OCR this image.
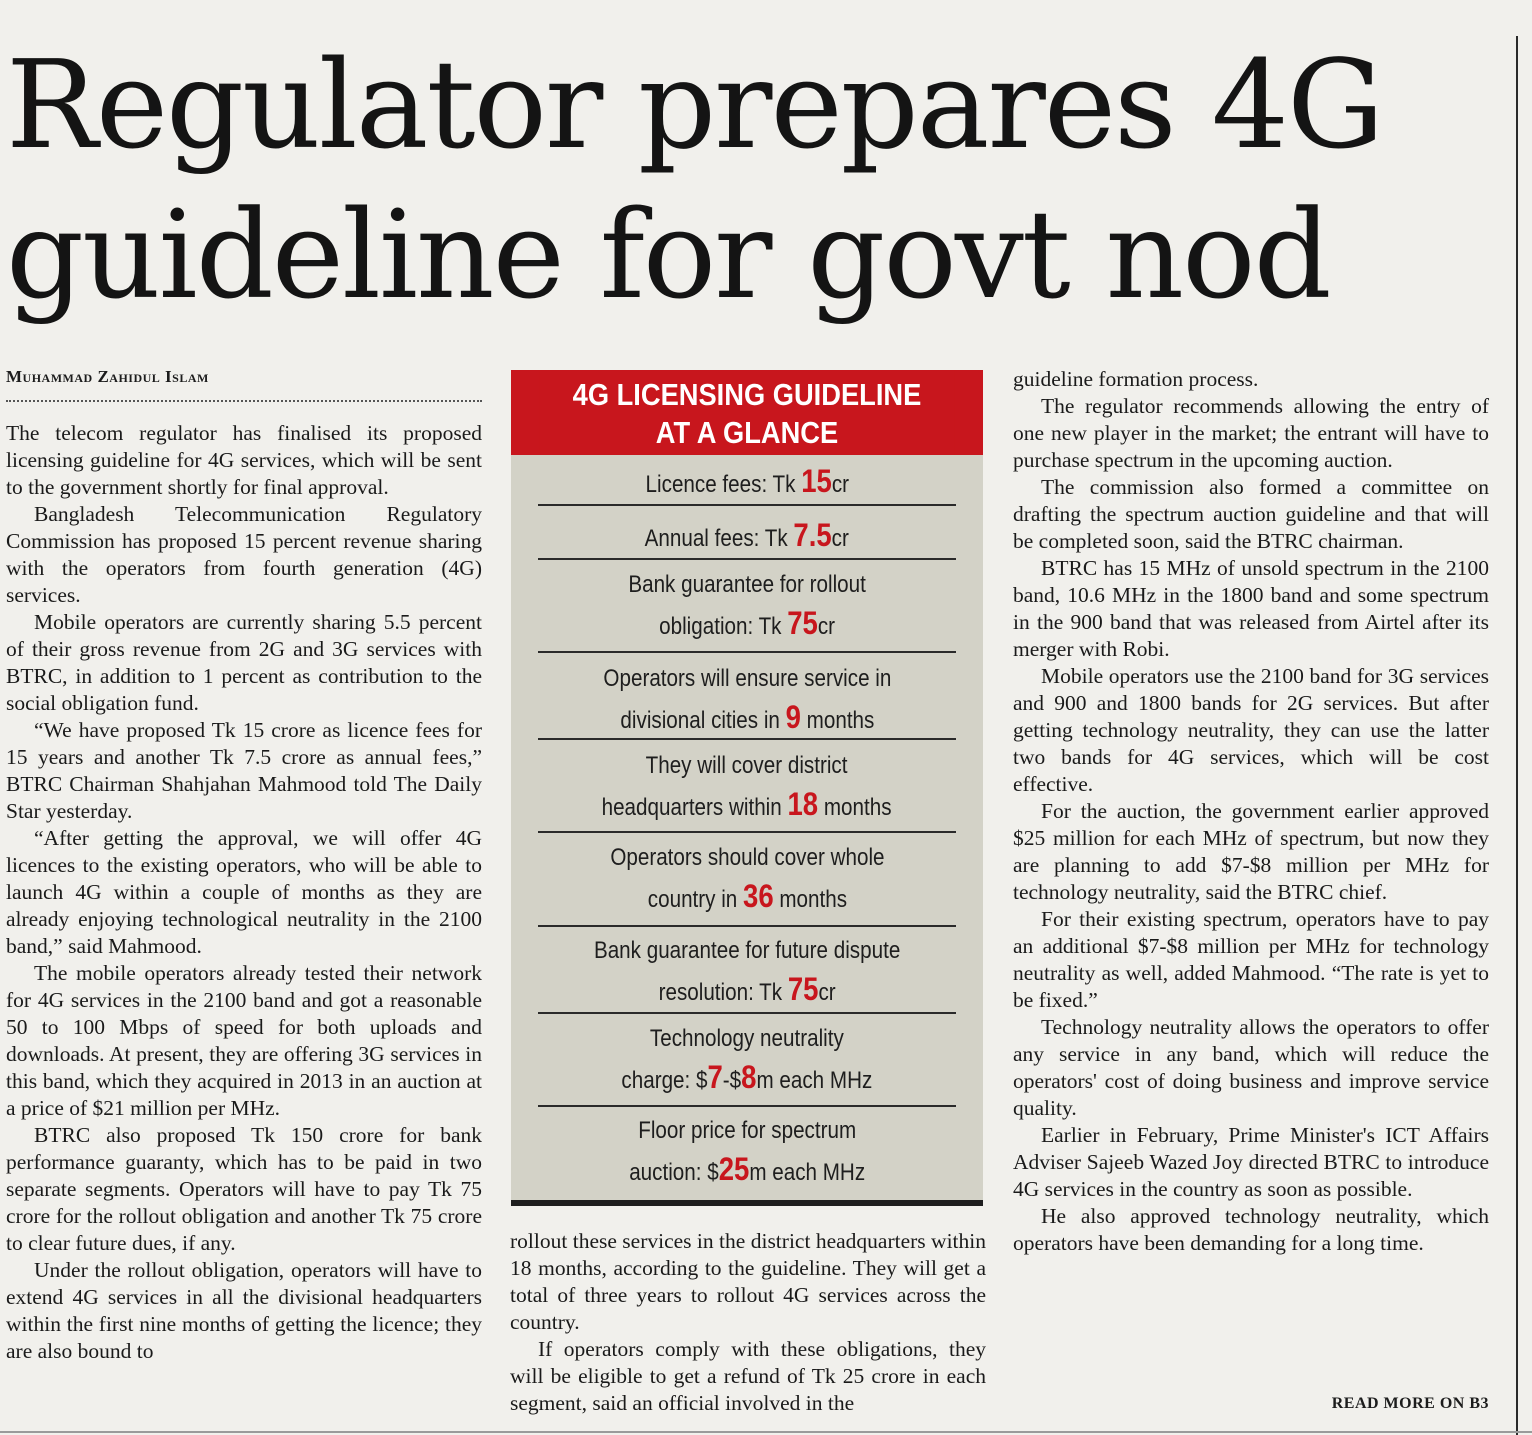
Regulator prepares 4G
guideline for govt nod
Muhammad Zahidul Islam

The telecom regulator has finalised its proposed licensing guideline for 4G services, which will be sent to the government shortly for final approval.

Bangladesh Telecommunication Regulatory Commission has proposed 15 percent revenue sharing with the operators from fourth generation (4G) services.

Mobile operators are currently sharing 5.5 percent of their gross revenue from 2G and 3G services with BTRC, in addition to 1 percent as contribution to the social obligation fund.

“We have proposed Tk 15 crore as licence fees for 15 years and another Tk 7.5 crore as annual fees,” BTRC Chairman Shahjahan Mahmood told The Daily Star yesterday.

“After getting the approval, we will offer 4G licences to the existing operators, who will be able to launch 4G within a couple of months as they are already enjoying technological neutrality in the 2100 band,” said Mahmood.

The mobile operators already tested their network for 4G services in the 2100 band and got a reasonable 50 to 100 Mbps of speed for both uploads and downloads. At present, they are offering 3G services in this band, which they acquired in 2013 in an auction at a price of $21 million per MHz.

BTRC also proposed Tk 150 crore for bank performance guaranty, which has to be paid in two separate segments. Operators will have to pay Tk 75 crore for the rollout obligation and another Tk 75 crore to clear future dues, if any.

Under the rollout obligation, operators will have to extend 4G services in all the divisional headquarters within the first nine months of getting the licence; they are also bound to

4G LICENSING GUIDELINE
AT A GLANCE
Licence fees: Tk 15cr
Annual fees: Tk 7.5cr
Bank guarantee for rollout
obligation: Tk 75cr
Operators will ensure service in
divisional cities in 9 months
They will cover district
headquarters within 18 months
Operators should cover whole
country in 36 months
Bank guarantee for future dispute
resolution: Tk 75cr
Technology neutrality
charge: $7-$8m each MHz
Floor price for spectrum
auction: $25m each MHz

rollout these services in the district headquarters within 18 months, according to the guideline. They will get a total of three years to rollout 4G services across the country.

If operators comply with these obligations, they will be eligible to get a refund of Tk 25 crore in each segment, said an official involved in the

guideline formation process.

The regulator recommends allowing the entry of one new player in the market; the entrant will have to purchase spectrum in the upcoming auction.

The commission also formed a committee on drafting the spectrum auction guideline and that will be completed soon, said the BTRC chairman.

BTRC has 15 MHz of unsold spectrum in the 2100 band, 10.6 MHz in the 1800 band and some spectrum in the 900 band that was released from Airtel after its merger with Robi.

Mobile operators use the 2100 band for 3G services and 900 and 1800 bands for 2G services. But after getting technology neutrality, they can use the latter two bands for 4G services, which will be cost effective.

For the auction, the government earlier approved $25 million for each MHz of spectrum, but now they are planning to add $7-$8 million per MHz for technology neutrality, said the BTRC chief.

For their existing spectrum, operators have to pay an additional $7-$8 million per MHz for technology neutrality as well, added Mahmood. “The rate is yet to be fixed.”

Technology neutrality allows the operators to offer any service in any band, which will reduce the operators' cost of doing business and improve service quality.

Earlier in February, Prime Minister's ICT Affairs Adviser Sajeeb Wazed Joy directed BTRC to introduce 4G services in the country as soon as possible.

He also approved technology neutrality, which operators have been demanding for a long time.

READ MORE ON B3
